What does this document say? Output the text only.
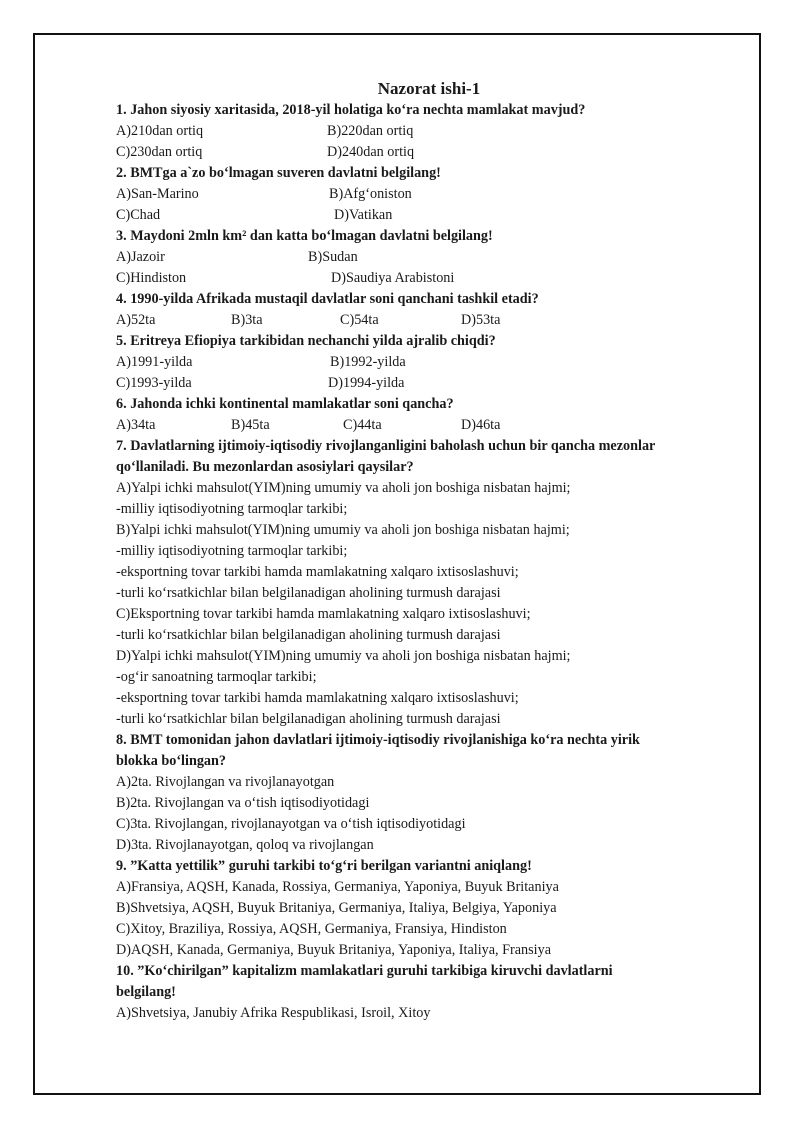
Nazorat ishi-1
1. Jahon siyosiy xaritasida, 2018-yil holatiga ko‘ra nechta mamlakat mavjud?
A)210dan ortiq	B)220dan ortiq
C)230dan ortiq	D)240dan ortiq
2. BMTga a`zo bo‘lmagan suveren davlatni belgilang!
A)San-Marino	B)Afg‘oniston
C)Chad	D)Vatikan
3. Maydoni 2mln km² dan katta bo‘lmagan davlatni belgilang!
A)Jazoir	B)Sudan
C)Hindiston	D)Saudiya Arabistoni
4. 1990-yilda Afrikada mustaqil davlatlar soni qanchani tashkil etadi?
A)52ta	B)3ta	C)54ta	D)53ta
5. Eritreya Efiopiya tarkibidan nechanchi yilda ajralib chiqdi?
A)1991-yilda	B)1992-yilda
C)1993-yilda	D)1994-yilda
6. Jahonda ichki kontinental mamlakatlar soni qancha?
A)34ta	B)45ta	C)44ta	D)46ta
7. Davlatlarning ijtimoiy-iqtisodiy rivojlanganligini baholash uchun bir qancha mezonlar
qo‘llaniladi. Bu mezonlardan asosiylari qaysilar?
A)Yalpi ichki mahsulot(YIM)ning umumiy va aholi jon boshiga nisbatan hajmi;
-milliy iqtisodiyotning tarmoqlar tarkibi;
B)Yalpi ichki mahsulot(YIM)ning umumiy va aholi jon boshiga nisbatan hajmi;
-milliy iqtisodiyotning tarmoqlar tarkibi;
-eksportning tovar tarkibi hamda mamlakatning xalqaro ixtisoslashuvi;
-turli ko‘rsatkichlar bilan belgilanadigan aholining turmush darajasi
C)Eksportning tovar tarkibi hamda mamlakatning xalqaro ixtisoslashuvi;
-turli ko‘rsatkichlar bilan belgilanadigan aholining turmush darajasi
D)Yalpi ichki mahsulot(YIM)ning umumiy va aholi jon boshiga nisbatan hajmi;
-og‘ir sanoatning tarmoqlar tarkibi;
-eksportning tovar tarkibi hamda mamlakatning xalqaro ixtisoslashuvi;
-turli ko‘rsatkichlar bilan belgilanadigan aholining turmush darajasi
8. BMT tomonidan jahon davlatlari ijtimoiy-iqtisodiy rivojlanishiga ko‘ra nechta yirik
blokka bo‘lingan?
A)2ta. Rivojlangan va rivojlanayotgan
B)2ta. Rivojlangan va o‘tish iqtisodiyotidagi
C)3ta. Rivojlangan, rivojlanayotgan va o‘tish iqtisodiyotidagi
D)3ta. Rivojlanayotgan, qoloq va rivojlangan
9. ”Katta yettilik” guruhi tarkibi to‘g‘ri berilgan variantni aniqlang!
A)Fransiya, AQSH, Kanada, Rossiya, Germaniya, Yaponiya, Buyuk Britaniya
B)Shvetsiya, AQSH, Buyuk Britaniya, Germaniya, Italiya, Belgiya, Yaponiya
C)Xitoy, Braziliya, Rossiya, AQSH, Germaniya, Fransiya, Hindiston
D)AQSH, Kanada, Germaniya, Buyuk Britaniya, Yaponiya, Italiya, Fransiya
10. ”Ko‘chirilgan” kapitalizm mamlakatlari guruhi tarkibiga kiruvchi davlatlarni
belgilang!
A)Shvetsiya, Janubiy Afrika Respublikasi, Isroil, Xitoy
